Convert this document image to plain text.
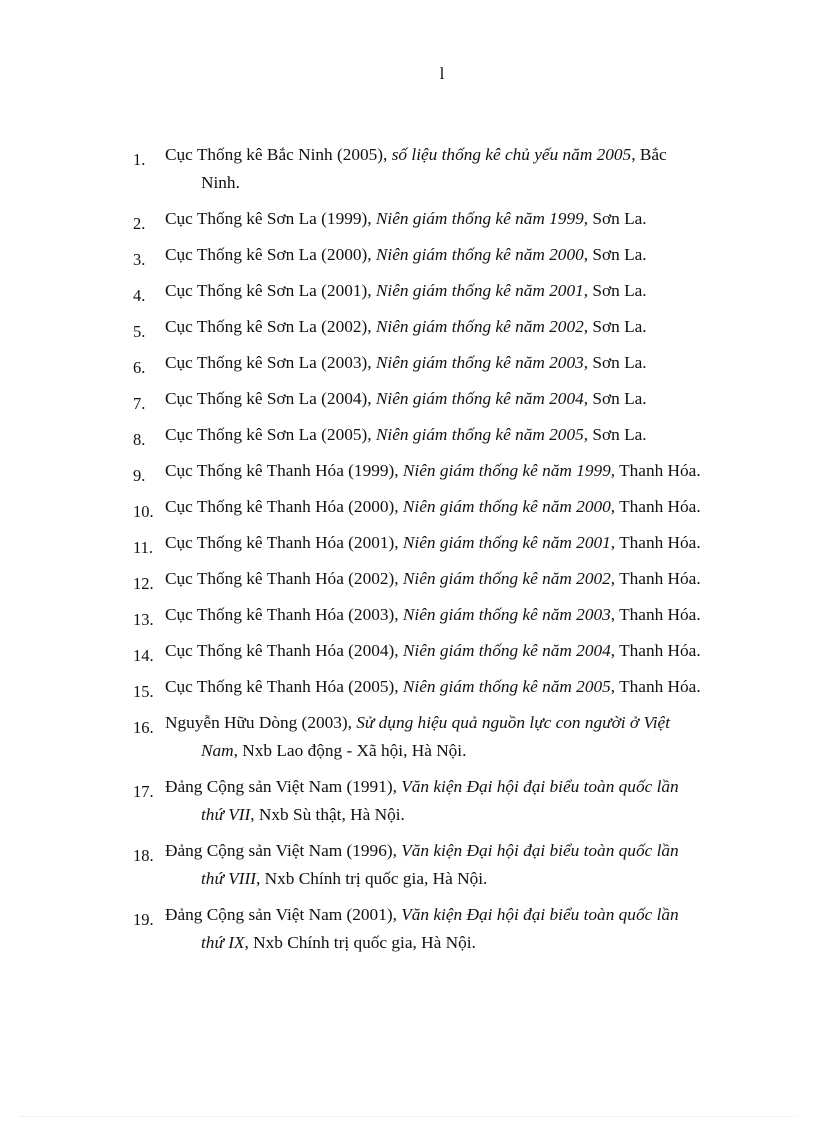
l
1. Cục Thống kê Bắc Ninh (2005), số liệu thống kê chủ yếu năm 2005, Bắc
Ninh.
2. Cục Thống kê Sơn La (1999), Niên giám thống kê năm 1999, Sơn La.
3. Cục Thống kê Sơn La (2000), Niên giám thống kê năm 2000, Sơn La.
4. Cục Thống kê Sơn La (2001), Niên giám thống kê năm 2001, Sơn La.
5. Cục Thống kê Sơn La (2002), Niên giám thống kê năm 2002, Sơn La.
6. Cục Thống kê Sơn La (2003), Niên giám thống kê năm 2003, Sơn La.
7. Cục Thống kê Sơn La (2004), Niên giám thống kê năm 2004, Sơn La.
8. Cục Thống kê Sơn La (2005), Niên giám thống kê năm 2005, Sơn La.
9. Cục Thống kê Thanh Hóa (1999), Niên giám thống kê năm 1999, Thanh Hóa.
10. Cục Thống kê Thanh Hóa (2000), Niên giám thống kê năm 2000, Thanh Hóa.
11. Cục Thống kê Thanh Hóa (2001), Niên giám thống kê năm 2001, Thanh Hóa.
12. Cục Thống kê Thanh Hóa (2002), Niên giám thống kê năm 2002, Thanh Hóa.
13. Cục Thống kê Thanh Hóa (2003), Niên giám thống kê năm 2003, Thanh Hóa.
14. Cục Thống kê Thanh Hóa (2004), Niên giám thống kê năm 2004, Thanh Hóa.
15. Cục Thống kê Thanh Hóa (2005), Niên giám thống kê năm 2005, Thanh Hóa.
16. Nguyễn Hữu Dòng (2003), Sử dụng hiệu quả nguồn lực con người ở Việt
Nam, Nxb Lao động - Xã hội, Hà Nội.
17. Đảng Cộng sản Việt Nam (1991), Văn kiện Đại hội đại biểu toàn quốc lần
thứ VII, Nxb Sù thật, Hà Nội.
18. Đảng Cộng sản Việt Nam (1996), Văn kiện Đại hội đại biểu toàn quốc lần
thứ VIII, Nxb Chính trị quốc gia, Hà Nội.
19. Đảng Cộng sản Việt Nam (2001), Văn kiện Đại hội đại biểu toàn quốc lần
thứ IX, Nxb Chính trị quốc gia, Hà Nội.
